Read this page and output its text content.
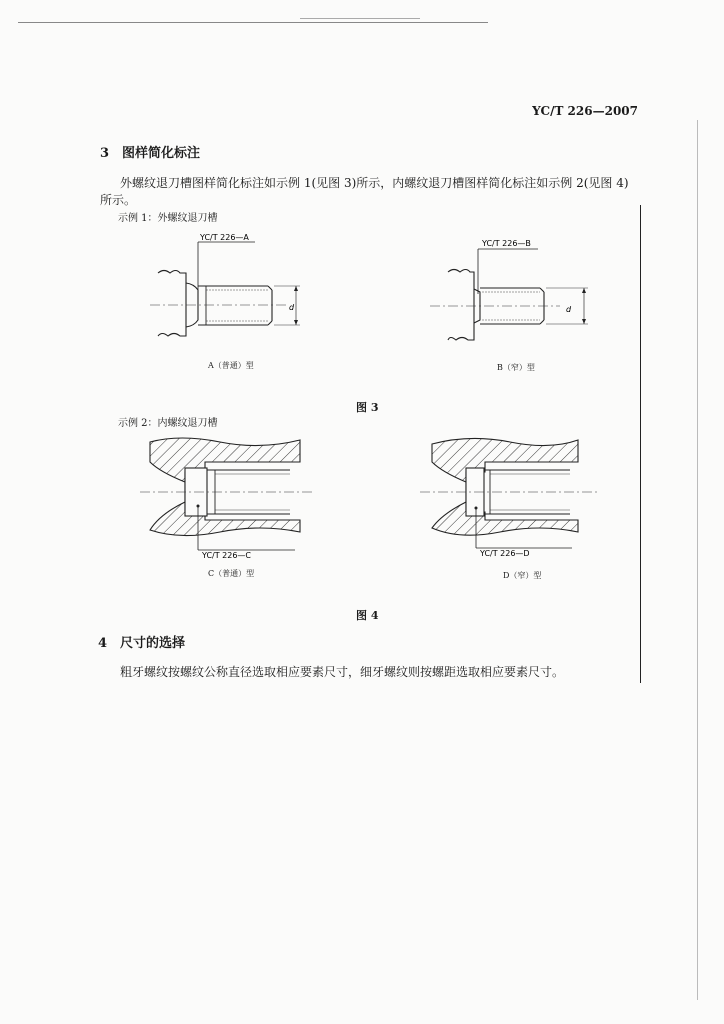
YC/T 226—2007
3　图样简化标注
外螺纹退刀槽图样简化标注如示例 1(见图 3)所示，内螺纹退刀槽图样简化标注如示例 2(见图 4)
所示。
示例 1：外螺纹退刀槽
YC/T 226—A
d
A（普通）型
YC/T 226—B
d
B（窄）型
图 3
示例 2：内螺纹退刀槽
YC/T 226—C
C（普通）型
YC/T 226—D
D（窄）型
图 4
4　尺寸的选择
粗牙螺纹按螺纹公称直径选取相应要素尺寸，细牙螺纹则按螺距选取相应要素尺寸。
